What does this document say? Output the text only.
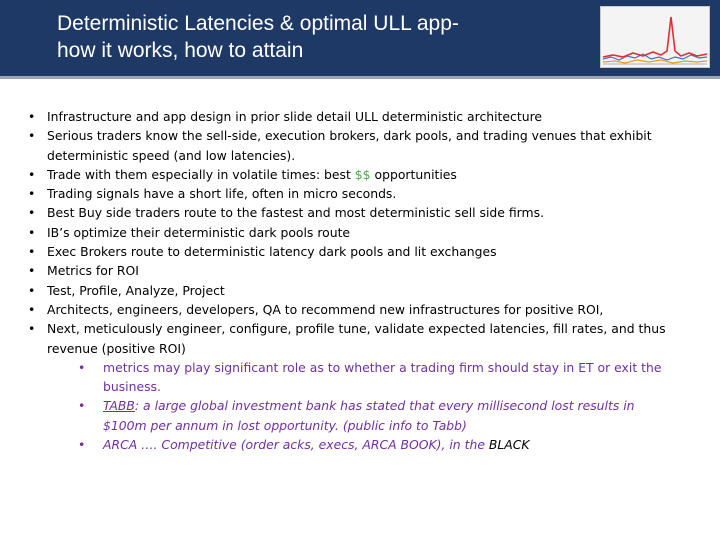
Deterministic Latencies & optimal ULL app-
how it works, how to attain
• Infrastructure and app design in prior slide detail ULL deterministic architecture
• Serious traders know the sell-side, execution brokers, dark pools, and trading venues that exhibit deterministic speed (and low latencies).
• Trade with them especially in volatile times: best $$ opportunities
• Trading signals have a short life, often in micro seconds.
• Best Buy side traders route to the fastest and most deterministic sell side firms.
• IB’s optimize their deterministic dark pools route
• Exec Brokers route to deterministic latency dark pools and lit exchanges
• Metrics for ROI
• Test, Profile, Analyze, Project
• Architects, engineers, developers, QA to recommend new infrastructures for positive ROI,
• Next, meticulously engineer, configure, profile tune, validate expected latencies, fill rates, and thus revenue (positive ROI)
• metrics may play significant role as to whether a trading firm should stay in ET or exit the business.
• TABB: a large global investment bank has stated that every millisecond lost results in $100m per annum in lost opportunity. (public info to Tabb)
• ARCA …. Competitive (order acks, execs, ARCA BOOK), in the BLACK
